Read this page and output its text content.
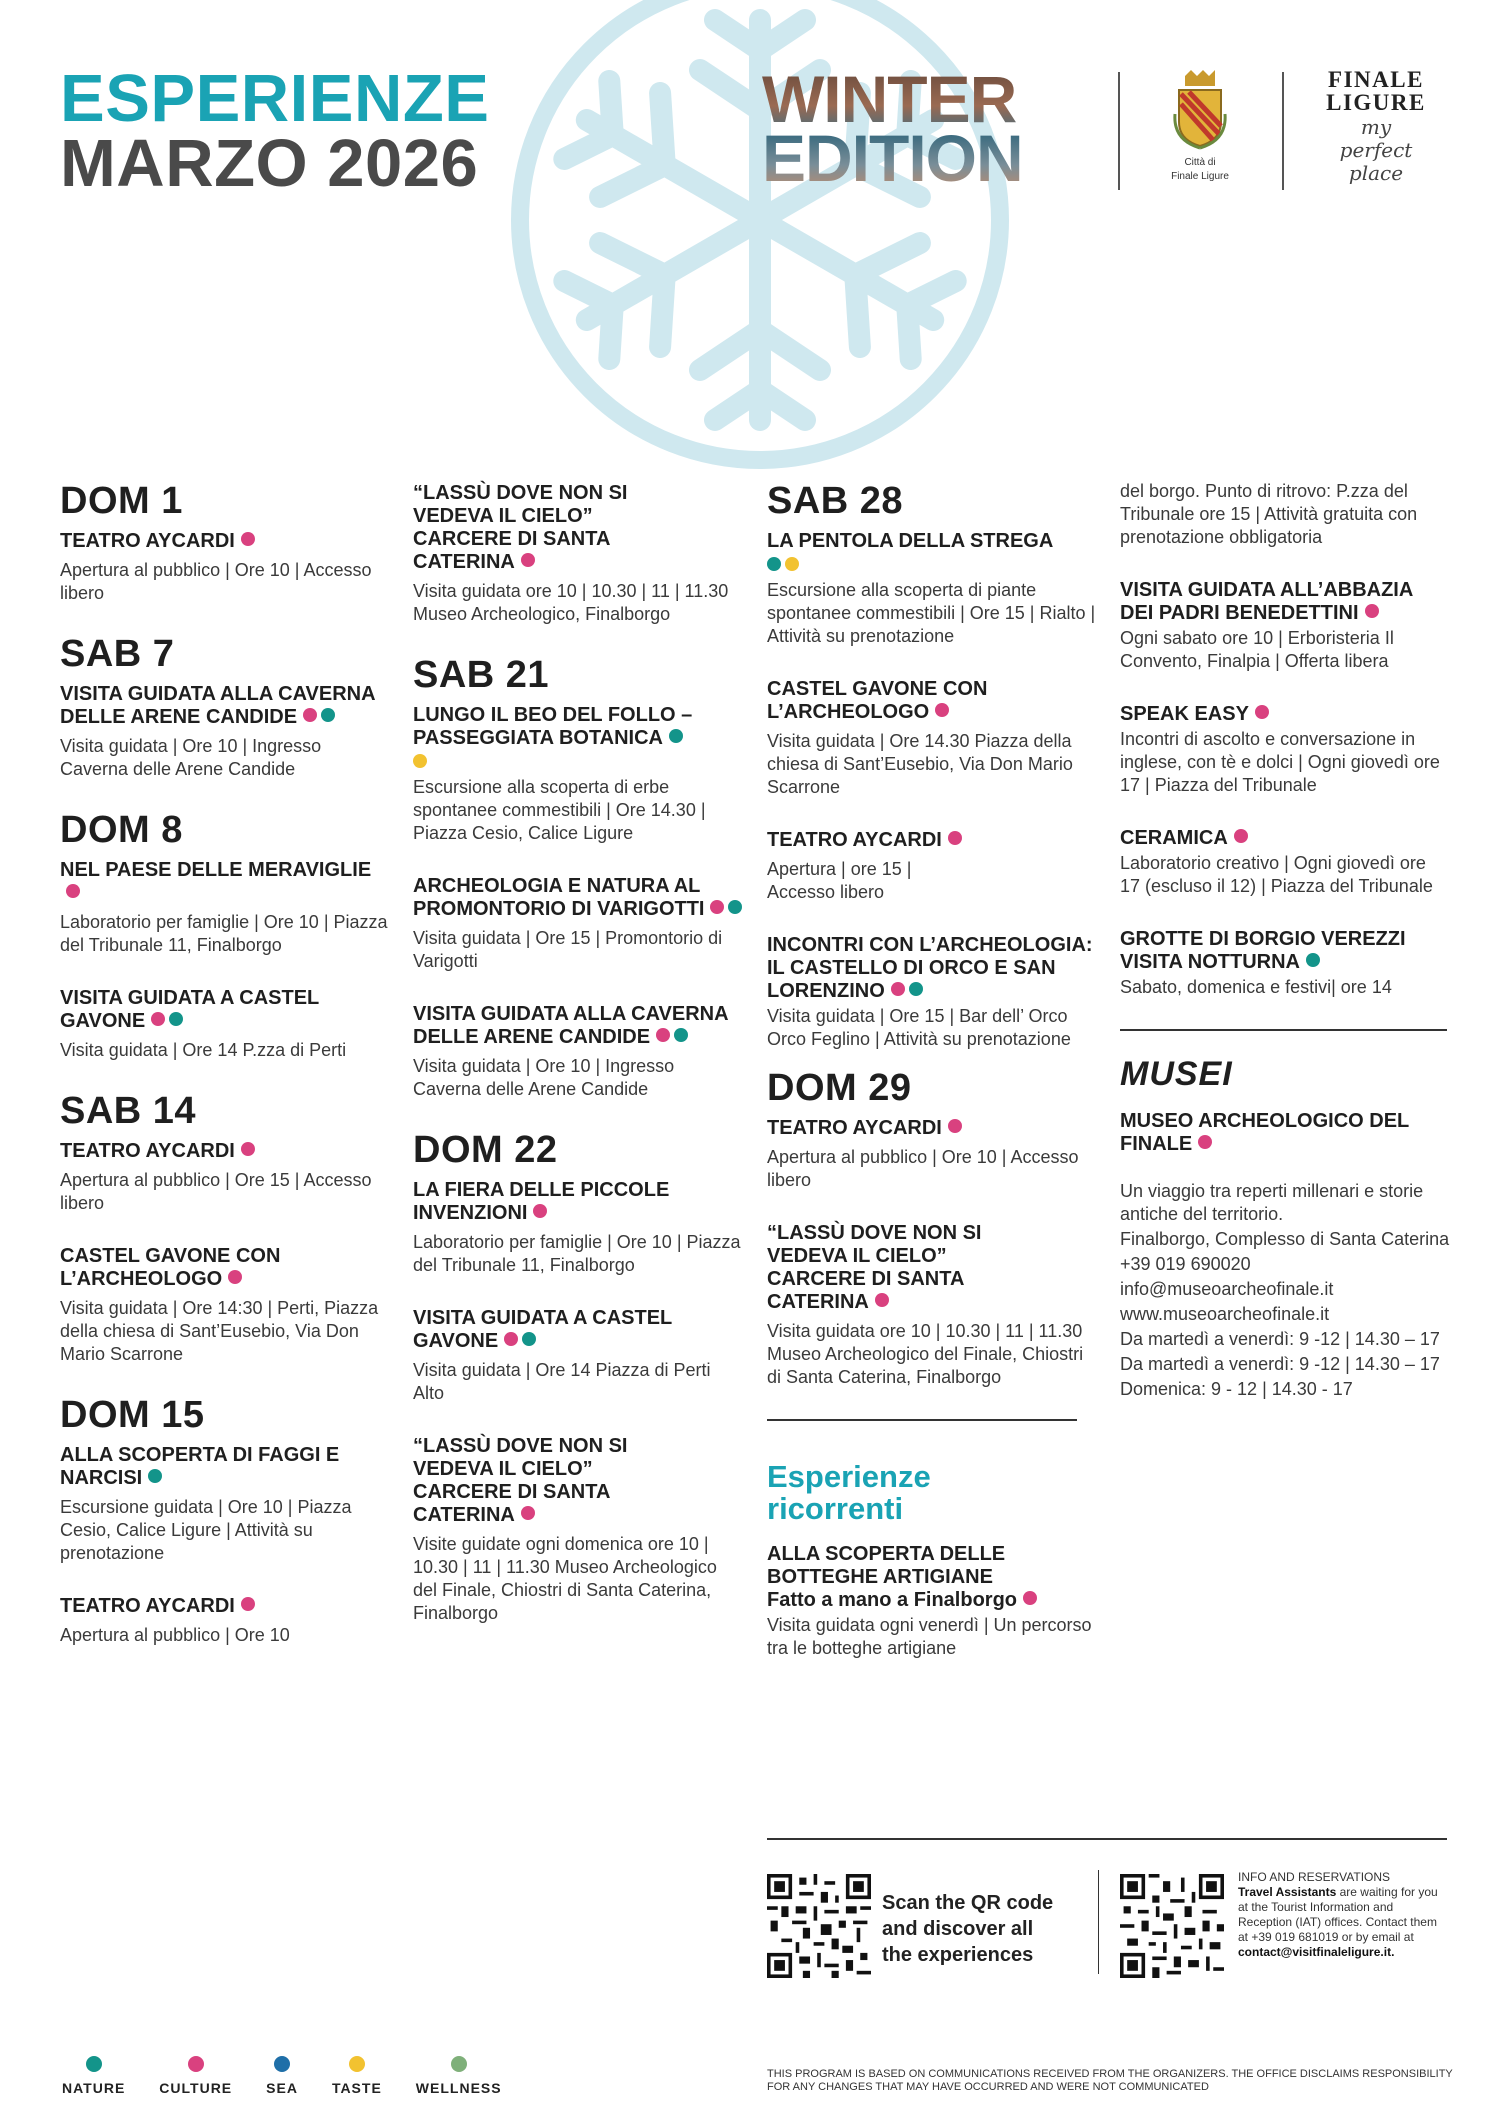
ESPERIENZE
MARZO 2026
WINTER
EDITION	Città di
Finale Ligure
FINALE
LIGURE
my
perfect
place
DOM 1
TEATRO AYCARDI
Apertura al pubblico | Ore 10 | Accesso libero
SAB 7
VISITA GUIDATA ALLA CAVERNA DELLE ARENE CANDIDE
Visita guidata | Ore 10 | Ingresso Caverna delle Arene Candide
DOM 8
NEL PAESE DELLE MERAVIGLIE
Laboratorio per famiglie | Ore 10 | Piazza del Tribunale 11, Finalborgo
VISITA GUIDATA A CASTEL GAVONE
Visita guidata | Ore 14 P.zza di Perti
SAB 14
TEATRO AYCARDI
Apertura al pubblico | Ore 15 | Accesso libero
CASTEL GAVONE CON L’ARCHEOLOGO
Visita guidata | Ore 14:30 | Perti, Piazza della chiesa di Sant’Eusebio, Via Don Mario Scarrone
DOM 15
ALLA SCOPERTA DI FAGGI E NARCISI
Escursione guidata | Ore 10 | Piazza Cesio, Calice Ligure | Attività su prenotazione
TEATRO AYCARDI
Apertura al pubblico | Ore 10
“LASSÙ DOVE NON SI VEDEVA IL CIELO” CARCERE DI SANTA CATERINA
Visita guidata ore 10 | 10.30 | 11 | 11.30 Museo Archeologico, Finalborgo
SAB 21
LUNGO IL BEO DEL FOLLO – PASSEGGIATA BOTANICA
Escursione alla scoperta di erbe spontanee commestibili | Ore 14.30 | Piazza Cesio, Calice Ligure
ARCHEOLOGIA E NATURA AL PROMONTORIO DI VARIGOTTI
Visita guidata | Ore 15 | Promontorio di Varigotti
VISITA GUIDATA ALLA CAVERNA DELLE ARENE CANDIDE
Visita guidata | Ore 10 | Ingresso Caverna delle Arene Candide
DOM 22
LA FIERA DELLE PICCOLE INVENZIONI
Laboratorio per famiglie | Ore 10 | Piazza del Tribunale 11, Finalborgo
VISITA GUIDATA A CASTEL GAVONE
Visita guidata | Ore 14 Piazza di Perti Alto
“LASSÙ DOVE NON SI VEDEVA IL CIELO” CARCERE DI SANTA CATERINA
Visite guidate ogni domenica ore 10 | 10.30 | 11 | 11.30 Museo Archeologico del Finale, Chiostri di Santa Caterina, Finalborgo
SAB 28
LA PENTOLA DELLA STREGA
Escursione alla scoperta di piante spontanee commestibili | Ore 15 | Rialto | Attività su prenotazione
CASTEL GAVONE CON L’ARCHEOLOGO
Visita guidata | Ore 14.30 Piazza della chiesa di Sant’Eusebio, Via Don Mario Scarrone
TEATRO AYCARDI
Apertura | ore 15 | Accesso libero
INCONTRI CON L’ARCHEOLOGIA: IL CASTELLO DI ORCO E SAN LORENZINO
Visita guidata | Ore 15 | Bar dell’ Orco Orco Feglino | Attività su prenotazione
DOM 29
TEATRO AYCARDI
Apertura al pubblico | Ore 10 | Accesso libero
“LASSÙ DOVE NON SI VEDEVA IL CIELO” CARCERE DI SANTA CATERINA
Visita guidata ore 10 | 10.30 | 11 | 11.30 Museo Archeologico del Finale, Chiostri di Santa Caterina, Finalborgo
Esperienze
ricorrenti
ALLA SCOPERTA DELLE BOTTEGHE ARTIGIANE
Fatto a mano a Finalborgo
Visita guidata ogni venerdì | Un percorso tra le botteghe artigiane
del borgo. Punto di ritrovo: P.zza del Tribunale ore 15 | Attività gratuita con prenotazione obbligatoria
VISITA GUIDATA ALL’ABBAZIA DEI PADRI BENEDETTINI
Ogni sabato ore 10 | Erboristeria Il Convento, Finalpia | Offerta libera
SPEAK EASY
Incontri di ascolto e conversazione in inglese, con tè e dolci | Ogni giovedì ore 17 | Piazza del Tribunale
CERAMICA
Laboratorio creativo | Ogni giovedì ore 17 (escluso il 12) | Piazza del Tribunale
GROTTE DI BORGIO VEREZZI VISITA NOTTURNA
Sabato, domenica e festivi| ore 14
MUSEI
MUSEO ARCHEOLOGICO DEL FINALE
Un viaggio tra reperti millenari e storie antiche del territorio.
Finalborgo, Complesso di Santa Caterina
+39 019 690020
info@museoarcheofinale.it
www.museoarcheofinale.it
Da martedì a venerdì: 9 -12 | 14.30 – 17
Da martedì a venerdì: 9 -12 | 14.30 – 17
Domenica: 9 - 12 | 14.30 - 17
Scan the QR code and discover all the experiences
INFO AND RESERVATIONS
Travel Assistants are waiting for you at the Tourist Information and Reception (IAT) offices. Contact them at +39 019 681019 or by email at contact@visitfinaleligure.it.
NATURE CULTURE SEA TASTE WELLNESS
THIS PROGRAM IS BASED ON COMMUNICATIONS RECEIVED FROM THE ORGANIZERS. THE OFFICE DISCLAIMS RESPONSIBILITY FOR ANY CHANGES THAT MAY HAVE OCCURRED AND WERE NOT COMMUNICATED
